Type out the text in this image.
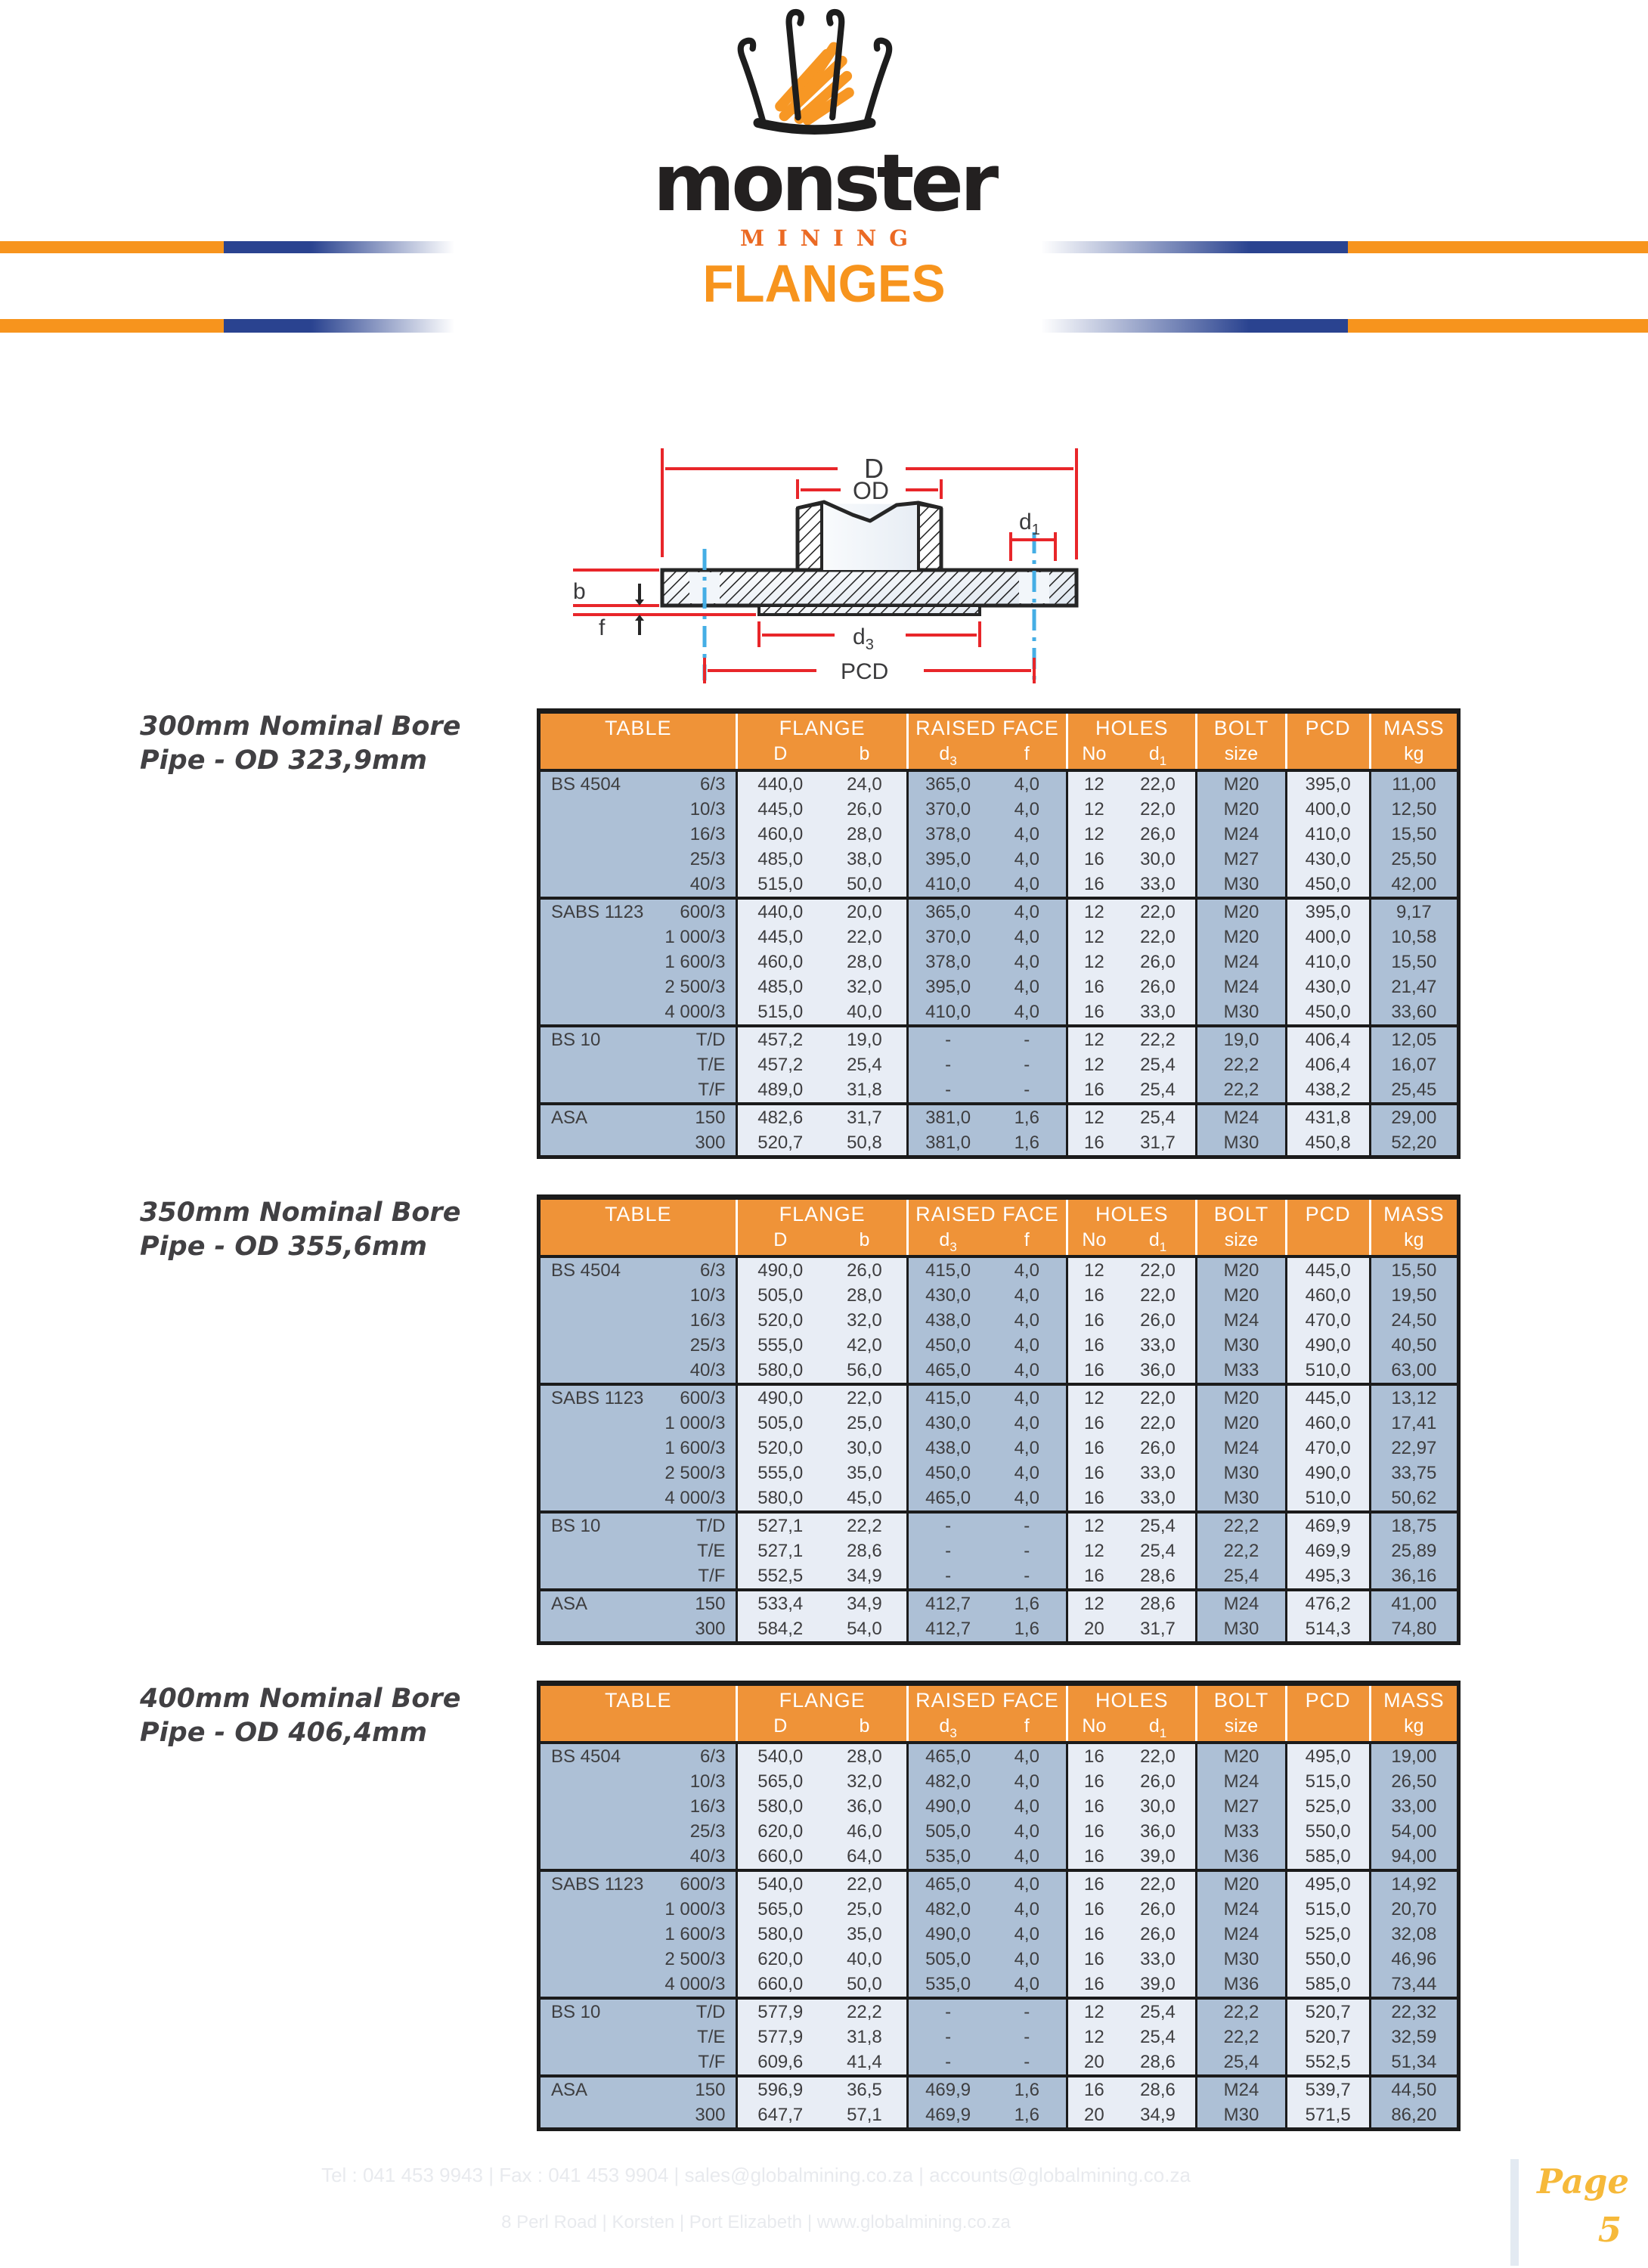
monster
MINING
FLANGES
D
OD
$d_1$
b
f	$d_3$
PCD
300mm Nominal Bore
Pipe - OD 323,9mm
TABLE	FLANGE		RAISED FACE		HOLES		BOLT	PCD	MASS
	D	b	$d_3$	f	No	$d_1$	size		kg

BS 4504 6/3	440,0	24,0	365,0	4,0	12	22,0	M20	395,0	11,00

10/3	445,0	26,0	370,0	4,0	12	22,0	M20	400,0	12,50

16/3	460,0	28,0	378,0	4,0	12	26,0	M24	410,0	15,50

25/3	485,0	38,0	395,0	4,0	16	30,0	M27	430,0	25,50

40/3	515,0	50,0	410,0	4,0	16	33,0	M30	450,0	42,00

SABS 1123 600/3	440,0	20,0	365,0	4,0	12	22,0	M20	395,0	9,17

1 000/3	445,0	22,0	370,0	4,0	12	22,0	M20	400,0	10,58

1 600/3	460,0	28,0	378,0	4,0	12	26,0	M24	410,0	15,50

2 500/3	485,0	32,0	395,0	4,0	16	26,0	M24	430,0	21,47

4 000/3	515,0	40,0	410,0	4,0	16	33,0	M30	450,0	33,60

BS 10 T/D	457,2	19,0	-	-	12	22,2	19,0	406,4	12,05

T/E	457,2	25,4	-	-	12	25,4	22,2	406,4	16,07

T/F	489,0	31,8	-	-	16	25,4	22,2	438,2	25,45

ASA 150	482,6	31,7	381,0	1,6	12	25,4	M24	431,8	29,00

300	520,7	50,8	381,0	1,6	16	31,7	M30	450,8	52,20
350mm Nominal Bore
Pipe - OD 355,6mm
TABLE	FLANGE		RAISED FACE		HOLES		BOLT	PCD	MASS
	D	b	$d_3$	f	No	$d_1$	size		kg

BS 4504 6/3	490,0	26,0	415,0	4,0	12	22,0	M20	445,0	15,50

10/3	505,0	28,0	430,0	4,0	16	22,0	M20	460,0	19,50

16/3	520,0	32,0	438,0	4,0	16	26,0	M24	470,0	24,50

25/3	555,0	42,0	450,0	4,0	16	33,0	M30	490,0	40,50

40/3	580,0	56,0	465,0	4,0	16	36,0	M33	510,0	63,00

SABS 1123 600/3	490,0	22,0	415,0	4,0	12	22,0	M20	445,0	13,12

1 000/3	505,0	25,0	430,0	4,0	16	22,0	M20	460,0	17,41

1 600/3	520,0	30,0	438,0	4,0	16	26,0	M24	470,0	22,97

2 500/3	555,0	35,0	450,0	4,0	16	33,0	M30	490,0	33,75

4 000/3	580,0	45,0	465,0	4,0	16	33,0	M30	510,0	50,62

BS 10 T/D	527,1	22,2	-	-	12	25,4	22,2	469,9	18,75

T/E	527,1	28,6	-	-	12	25,4	22,2	469,9	25,89

T/F	552,5	34,9	-	-	16	28,6	25,4	495,3	36,16

ASA 150	533,4	34,9	412,7	1,6	12	28,6	M24	476,2	41,00

300	584,2	54,0	412,7	1,6	20	31,7	M30	514,3	74,80
400mm Nominal Bore
Pipe - OD 406,4mm
TABLE	FLANGE		RAISED FACE		HOLES		BOLT	PCD	MASS
	D	b	$d_3$	f	No	$d_1$	size		kg

BS 4504 6/3	540,0	28,0	465,0	4,0	16	22,0	M20	495,0	19,00

10/3	565,0	32,0	482,0	4,0	16	26,0	M24	515,0	26,50

16/3	580,0	36,0	490,0	4,0	16	30,0	M27	525,0	33,00

25/3	620,0	46,0	505,0	4,0	16	36,0	M33	550,0	54,00

40/3	660,0	64,0	535,0	4,0	16	39,0	M36	585,0	94,00

SABS 1123 600/3	540,0	22,0	465,0	4,0	16	22,0	M20	495,0	14,92

1 000/3	565,0	25,0	482,0	4,0	16	26,0	M24	515,0	20,70

1 600/3	580,0	35,0	490,0	4,0	16	26,0	M24	525,0	32,08

2 500/3	620,0	40,0	505,0	4,0	16	33,0	M30	550,0	46,96

4 000/3	660,0	50,0	535,0	4,0	16	39,0	M36	585,0	73,44

BS 10 T/D	577,9	22,2	-	-	12	25,4	22,2	520,7	22,32

T/E	577,9	31,8	-	-	12	25,4	22,2	520,7	32,59

T/F	609,6	41,4	-	-	20	28,6	25,4	552,5	51,34

ASA 150	596,9	36,5	469,9	1,6	16	28,6	M24	539,7	44,50

300	647,7	57,1	469,9	1,6	20	34,9	M30	571,5	86,20
Tel : 041 453 9943 | Fax : 041 453 9904 | sales@globalmining.co.za | accounts@globalmining.co.za
8 Perl Road | Korsten | Port Elizabeth | www.globalmining.co.za
Page
5
